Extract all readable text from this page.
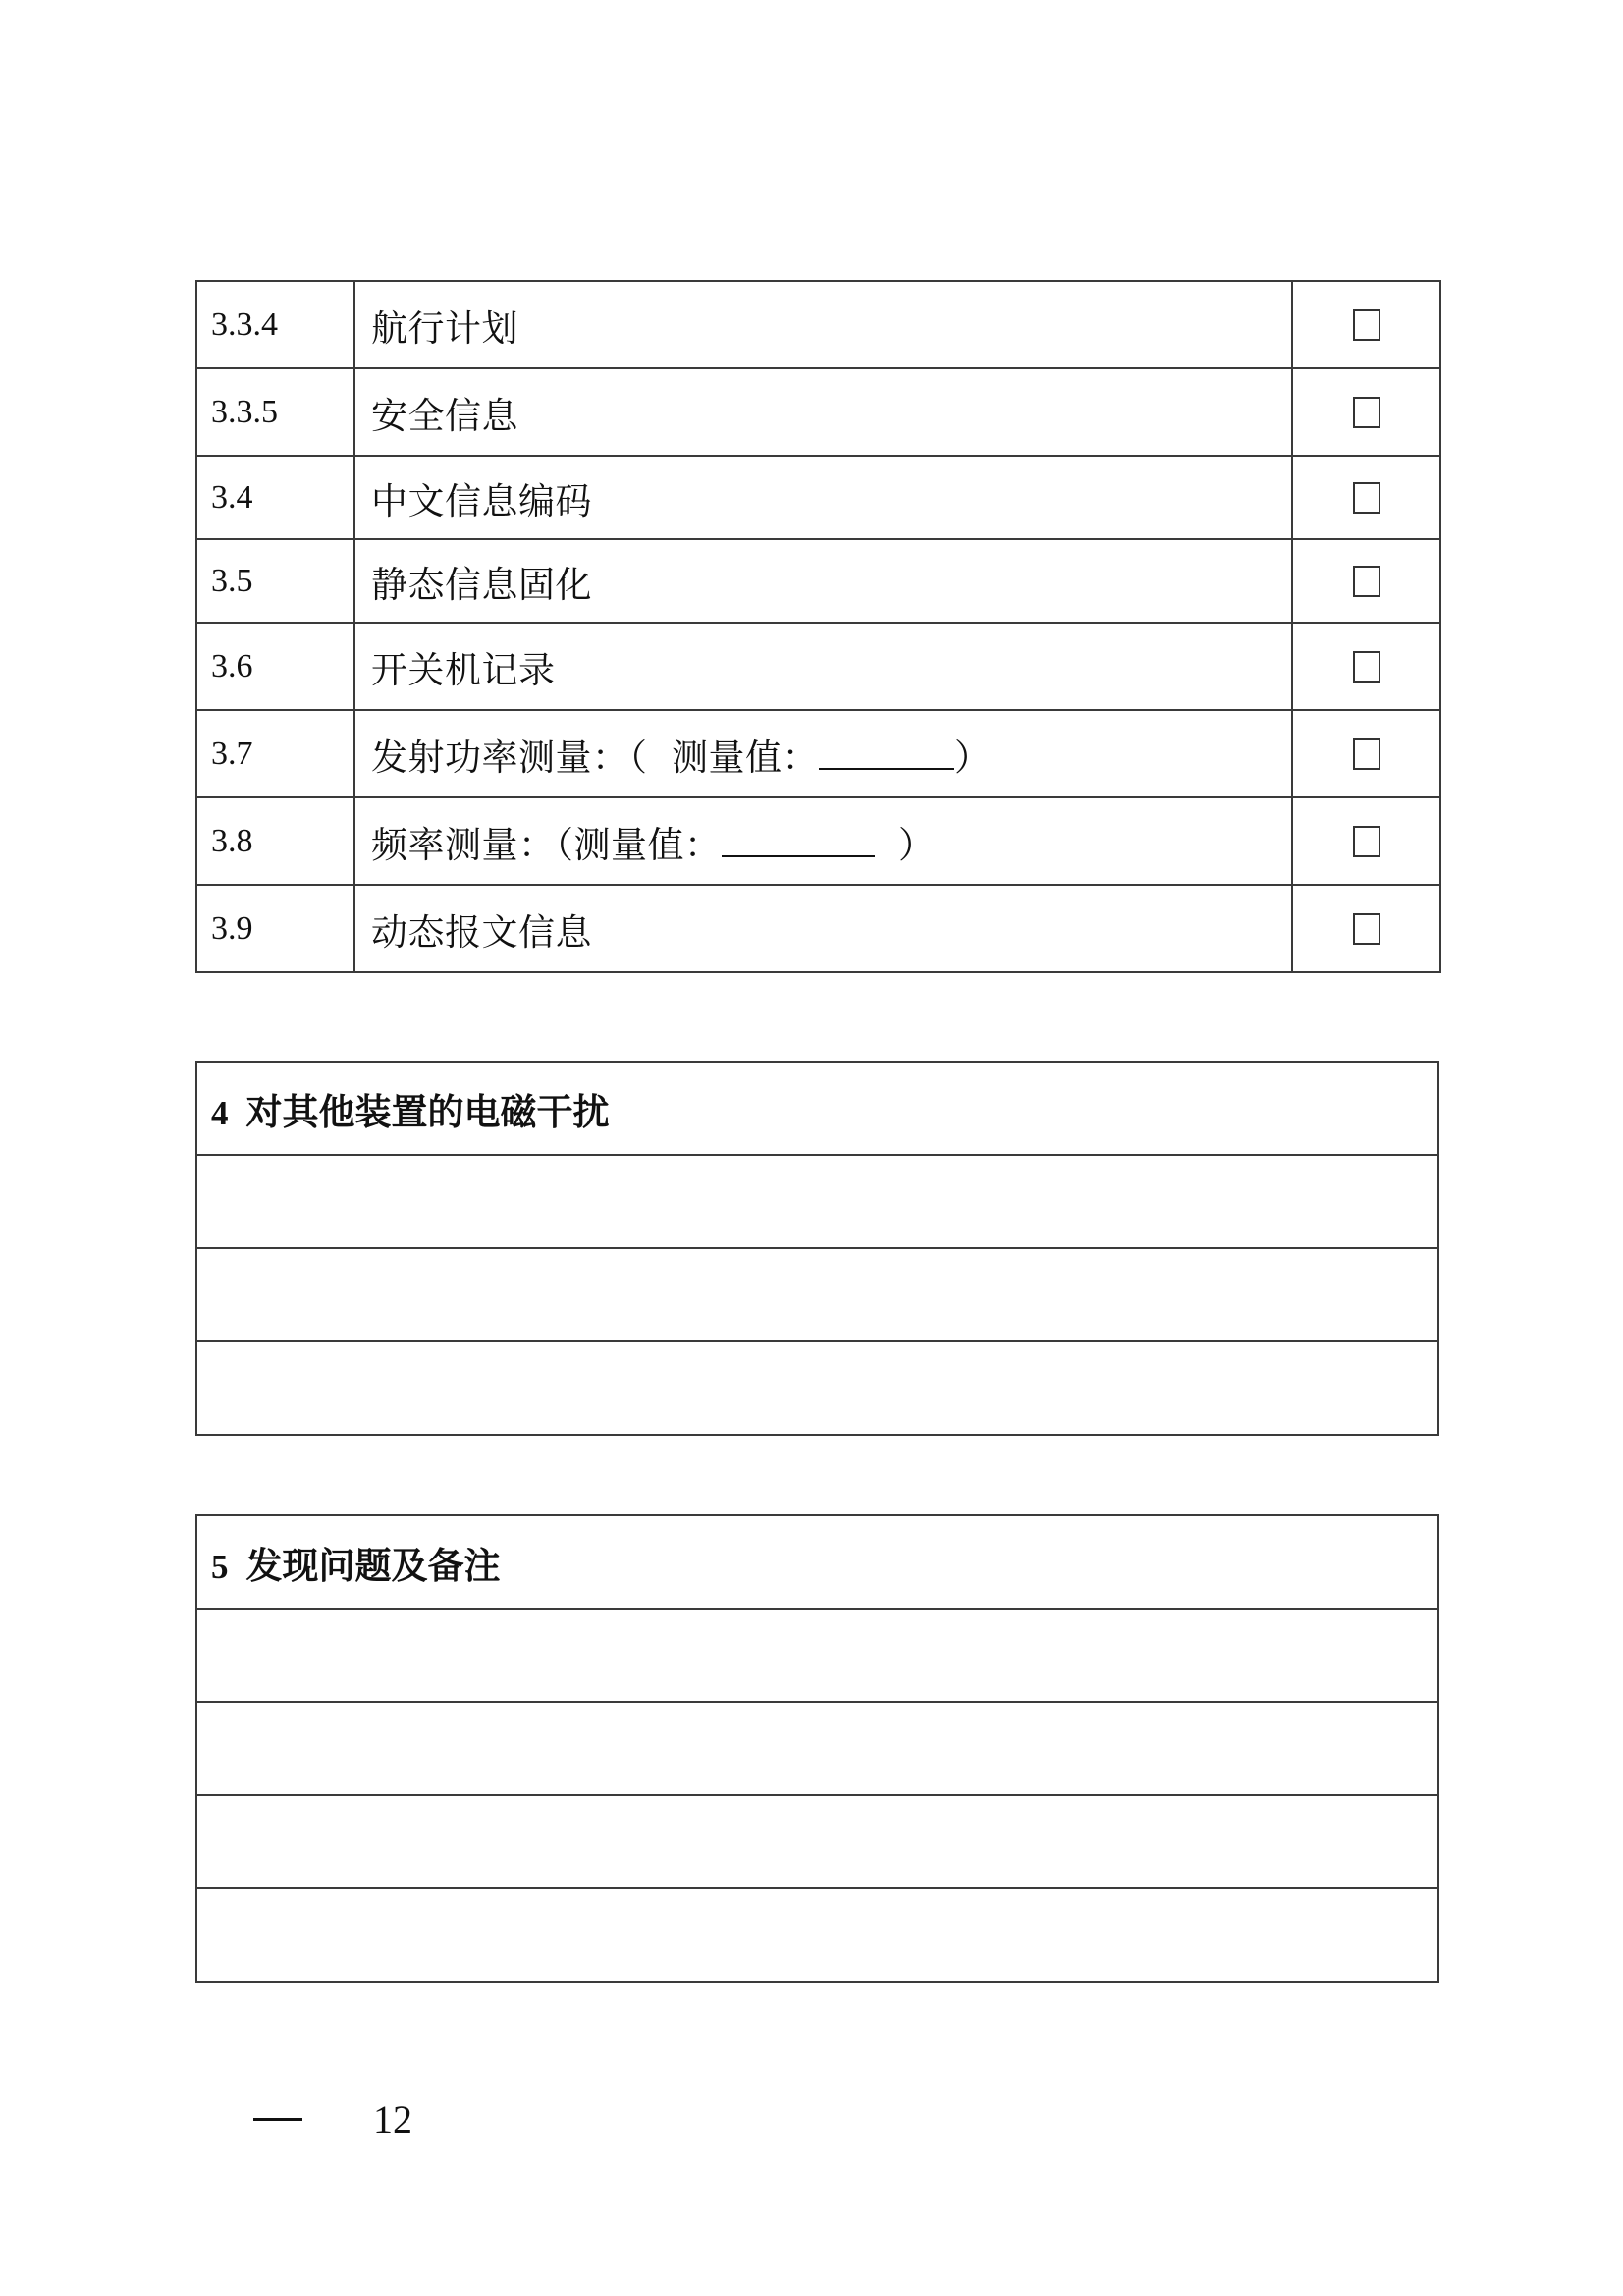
3.3.4	航行计划	
3.3.5	安全信息	
3.4	中文信息编码	
3.5	静态信息固化	
3.6	开关机记录	
3.7	发射功率测量：（  测量值： ）	
3.8	频率测量：（测量值： ）	
3.9	动态报文信息	
4 对其他装置的电磁干扰

5 发现问题及备注

12
